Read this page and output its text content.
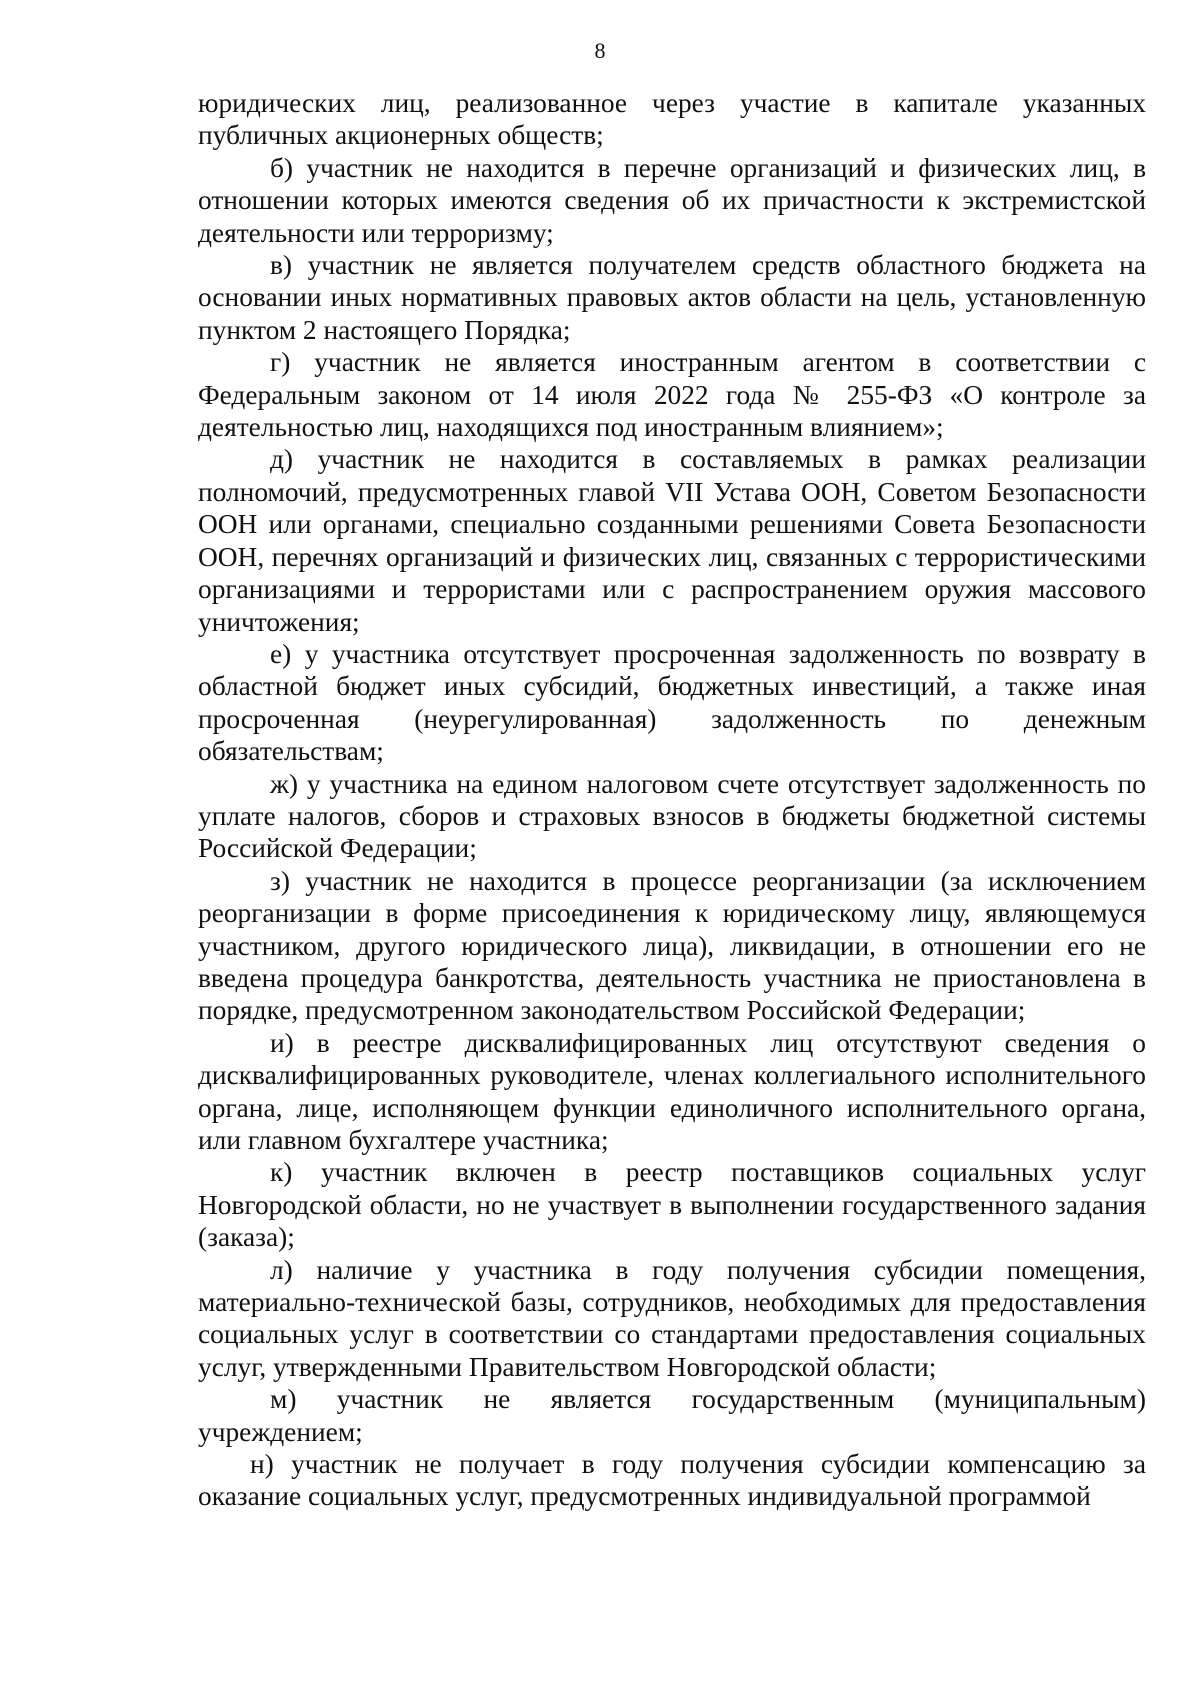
8

юридических лиц, реализованное через участие в капитале указанных публичных акционерных обществ;

б) участник не находится в перечне организаций и физических лиц, в отношении которых имеются сведения об их причастности к экстремистской деятельности или терроризму;

в) участник не является получателем средств областного бюджета на основании иных нормативных правовых актов области на цель, установленную пунктом 2 настоящего Порядка;

г) участник не является иностранным агентом в соответствии с Федеральным законом от 14 июля 2022 года № 255-ФЗ «О контроле за деятельностью лиц, находящихся под иностранным влиянием»;

д) участник не находится в составляемых в рамках реализации полномочий, предусмотренных главой VII Устава ООН, Советом Безопасности ООН или органами, специально созданными решениями Совета Безопасности ООН, перечнях организаций и физических лиц, связанных с террористическими организациями и террористами или с распространением оружия массового уничтожения;

е) у участника отсутствует просроченная задолженность по возврату в областной бюджет иных субсидий, бюджетных инвестиций, а также иная просроченная (неурегулированная) задолженность по денежным обязательствам;

ж) у участника на едином налоговом счете отсутствует задолженность по уплате налогов, сборов и страховых взносов в бюджеты бюджетной системы Российской Федерации;

з) участник не находится в процессе реорганизации (за исключением реорганизации в форме присоединения к юридическому лицу, являющемуся участником, другого юридического лица), ликвидации, в отношении его не введена процедура банкротства, деятельность участника не приостановлена в порядке, предусмотренном законодательством Российской Федерации;

и) в реестре дисквалифицированных лиц отсутствуют сведения о дисквалифицированных руководителе, членах коллегиального исполнительного органа, лице, исполняющем функции единоличного исполнительного органа, или главном бухгалтере участника;

к) участник включен в реестр поставщиков социальных услуг Новгородской области, но не участвует в выполнении государственного задания (заказа);

л) наличие у участника в году получения субсидии помещения, материально-технической базы, сотрудников, необходимых для предоставления социальных услуг в соответствии со стандартами предоставления социальных услуг, утвержденными Правительством Новгородской области;

м) участник не является государственным (муниципальным) учреждением;

н) участник не получает в году получения субсидии компенсацию за оказание социальных услуг, предусмотренных индивидуальной программой
